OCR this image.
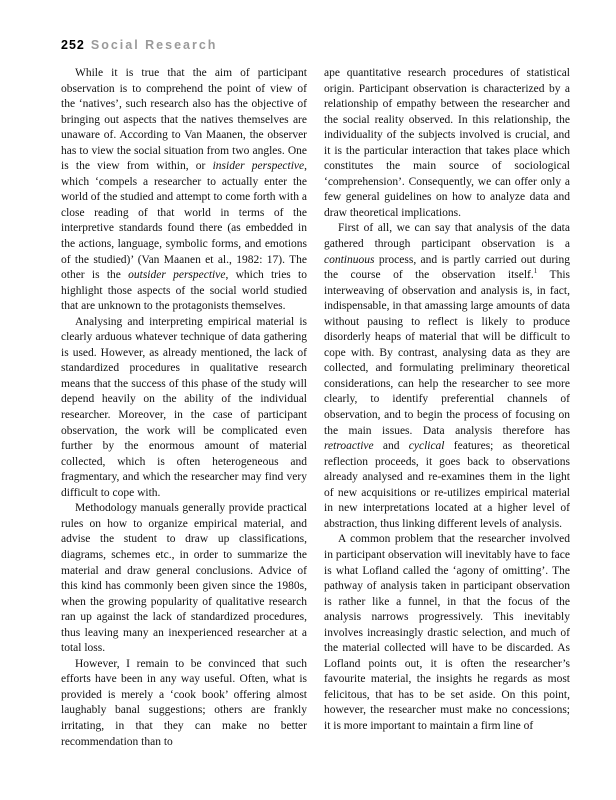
252 Social Research

While it is true that the aim of participant observation is to comprehend the point of view of the ‘natives’, such research also has the objective of bringing out aspects that the natives themselves are unaware of. According to Van Maanen, the observer has to view the social situation from two angles. One is the view from within, or insider perspective, which ‘compels a researcher to actually enter the world of the studied and attempt to come forth with a close reading of that world in terms of the interpretive standards found there (as embedded in the actions, language, symbolic forms, and emotions of the studied)’ (Van Maanen et al., 1982: 17). The other is the outsider perspective, which tries to highlight those aspects of the social world studied that are unknown to the protagonists themselves.

Analysing and interpreting empirical material is clearly arduous whatever technique of data gathering is used. However, as already mentioned, the lack of standardized procedures in qualitative research means that the success of this phase of the study will depend heavily on the ability of the individual researcher. Moreover, in the case of participant observation, the work will be complicated even further by the enormous amount of material collected, which is often heterogeneous and fragmentary, and which the researcher may find very difficult to cope with.

Methodology manuals generally provide practical rules on how to organize empirical material, and advise the student to draw up classifications, diagrams, schemes etc., in order to summarize the material and draw general conclusions. Advice of this kind has commonly been given since the 1980s, when the growing popularity of qualitative research ran up against the lack of standardized procedures, thus leaving many an inexperienced researcher at a total loss.

However, I remain to be convinced that such efforts have been in any way useful. Often, what is provided is merely a ‘cook book’ offering almost laughably banal suggestions; others are frankly irritating, in that they can make no better recommendation than to

ape quantitative research procedures of statistical origin. Participant observation is characterized by a relationship of empathy between the researcher and the social reality observed. In this relationship, the individuality of the subjects involved is crucial, and it is the particular interaction that takes place which constitutes the main source of sociological ‘comprehension’. Consequently, we can offer only a few general guidelines on how to analyze data and draw theoretical implications.

First of all, we can say that analysis of the data gathered through participant observation is a continuous process, and is partly carried out during the course of the observation itself.$^1$ This interweaving of observation and analysis is, in fact, indispensable, in that amassing large amounts of data without pausing to reflect is likely to produce disorderly heaps of material that will be difficult to cope with. By contrast, analysing data as they are collected, and formulating preliminary theoretical considerations, can help the researcher to see more clearly, to identify preferential channels of observation, and to begin the process of focusing on the main issues. Data analysis therefore has retroactive and cyclical features; as theoretical reflection proceeds, it goes back to observations already analysed and re-examines them in the light of new acquisitions or re-utilizes empirical material in new interpretations located at a higher level of abstraction, thus linking different levels of analysis.

A common problem that the researcher involved in participant observation will inevitably have to face is what Lofland called the ‘agony of omitting’. The pathway of analysis taken in participant observation is rather like a funnel, in that the focus of the analysis narrows progressively. This inevitably involves increasingly drastic selection, and much of the material collected will have to be discarded. As Lofland points out, it is often the researcher’s favourite material, the insights he regards as most felicitous, that has to be set aside. On this point, however, the researcher must make no concessions; it is more important to maintain a firm line of
